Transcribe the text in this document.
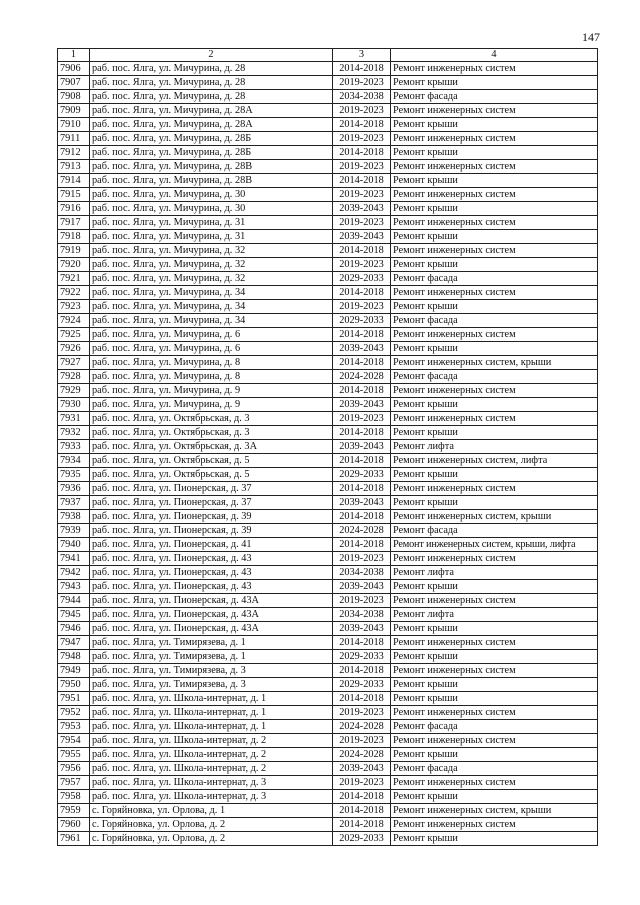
147
1	2	3	4
7906	раб. пос. Ялга, ул. Мичурина, д. 28	2014-2018	Ремонт инженерных систем
7907	раб. пос. Ялга, ул. Мичурина, д. 28	2019-2023	Ремонт крыши
7908	раб. пос. Ялга, ул. Мичурина, д. 28	2034-2038	Ремонт фасада
7909	раб. пос. Ялга, ул. Мичурина, д. 28А	2019-2023	Ремонт инженерных систем
7910	раб. пос. Ялга, ул. Мичурина, д. 28А	2014-2018	Ремонт крыши
7911	раб. пос. Ялга, ул. Мичурина, д. 28Б	2019-2023	Ремонт инженерных систем
7912	раб. пос. Ялга, ул. Мичурина, д. 28Б	2014-2018	Ремонт крыши
7913	раб. пос. Ялга, ул. Мичурина, д. 28В	2019-2023	Ремонт инженерных систем
7914	раб. пос. Ялга, ул. Мичурина, д. 28В	2014-2018	Ремонт крыши
7915	раб. пос. Ялга, ул. Мичурина, д. 30	2019-2023	Ремонт инженерных систем
7916	раб. пос. Ялга, ул. Мичурина, д. 30	2039-2043	Ремонт крыши
7917	раб. пос. Ялга, ул. Мичурина, д. 31	2019-2023	Ремонт инженерных систем
7918	раб. пос. Ялга, ул. Мичурина, д. 31	2039-2043	Ремонт крыши
7919	раб. пос. Ялга, ул. Мичурина, д. 32	2014-2018	Ремонт инженерных систем
7920	раб. пос. Ялга, ул. Мичурина, д. 32	2019-2023	Ремонт крыши
7921	раб. пос. Ялга, ул. Мичурина, д. 32	2029-2033	Ремонт фасада
7922	раб. пос. Ялга, ул. Мичурина, д. 34	2014-2018	Ремонт инженерных систем
7923	раб. пос. Ялга, ул. Мичурина, д. 34	2019-2023	Ремонт крыши
7924	раб. пос. Ялга, ул. Мичурина, д. 34	2029-2033	Ремонт фасада
7925	раб. пос. Ялга, ул. Мичурина, д. 6	2014-2018	Ремонт инженерных систем
7926	раб. пос. Ялга, ул. Мичурина, д. 6	2039-2043	Ремонт крыши
7927	раб. пос. Ялга, ул. Мичурина, д. 8	2014-2018	Ремонт инженерных систем, крыши
7928	раб. пос. Ялга, ул. Мичурина, д. 8	2024-2028	Ремонт фасада
7929	раб. пос. Ялга, ул. Мичурина, д. 9	2014-2018	Ремонт инженерных систем
7930	раб. пос. Ялга, ул. Мичурина, д. 9	2039-2043	Ремонт крыши
7931	раб. пос. Ялга, ул. Октябрьская, д. 3	2019-2023	Ремонт инженерных систем
7932	раб. пос. Ялга, ул. Октябрьская, д. 3	2014-2018	Ремонт крыши
7933	раб. пос. Ялга, ул. Октябрьская, д. 3А	2039-2043	Ремонт лифта
7934	раб. пос. Ялга, ул. Октябрьская, д. 5	2014-2018	Ремонт инженерных систем, лифта
7935	раб. пос. Ялга, ул. Октябрьская, д. 5	2029-2033	Ремонт крыши
7936	раб. пос. Ялга, ул. Пионерская, д. 37	2014-2018	Ремонт инженерных систем
7937	раб. пос. Ялга, ул. Пионерская, д. 37	2039-2043	Ремонт крыши
7938	раб. пос. Ялга, ул. Пионерская, д. 39	2014-2018	Ремонт инженерных систем, крыши
7939	раб. пос. Ялга, ул. Пионерская, д. 39	2024-2028	Ремонт фасада
7940	раб. пос. Ялга, ул. Пионерская, д. 41	2014-2018	Ремонт инженерных систем, крыши, лифта
7941	раб. пос. Ялга, ул. Пионерская, д. 43	2019-2023	Ремонт инженерных систем
7942	раб. пос. Ялга, ул. Пионерская, д. 43	2034-2038	Ремонт лифта
7943	раб. пос. Ялга, ул. Пионерская, д. 43	2039-2043	Ремонт крыши
7944	раб. пос. Ялга, ул. Пионерская, д. 43А	2019-2023	Ремонт инженерных систем
7945	раб. пос. Ялга, ул. Пионерская, д. 43А	2034-2038	Ремонт лифта
7946	раб. пос. Ялга, ул. Пионерская, д. 43А	2039-2043	Ремонт крыши
7947	раб. пос. Ялга, ул. Тимирязева, д. 1	2014-2018	Ремонт инженерных систем
7948	раб. пос. Ялга, ул. Тимирязева, д. 1	2029-2033	Ремонт крыши
7949	раб. пос. Ялга, ул. Тимирязева, д. 3	2014-2018	Ремонт инженерных систем
7950	раб. пос. Ялга, ул. Тимирязева, д. 3	2029-2033	Ремонт крыши
7951	раб. пос. Ялга, ул. Школа-интернат, д. 1	2014-2018	Ремонт крыши
7952	раб. пос. Ялга, ул. Школа-интернат, д. 1	2019-2023	Ремонт инженерных систем
7953	раб. пос. Ялга, ул. Школа-интернат, д. 1	2024-2028	Ремонт фасада
7954	раб. пос. Ялга, ул. Школа-интернат, д. 2	2019-2023	Ремонт инженерных систем
7955	раб. пос. Ялга, ул. Школа-интернат, д. 2	2024-2028	Ремонт крыши
7956	раб. пос. Ялга, ул. Школа-интернат, д. 2	2039-2043	Ремонт фасада
7957	раб. пос. Ялга, ул. Школа-интернат, д. 3	2019-2023	Ремонт инженерных систем
7958	раб. пос. Ялга, ул. Школа-интернат, д. 3	2014-2018	Ремонт крыши
7959	с. Горяйновка, ул. Орлова, д. 1	2014-2018	Ремонт инженерных систем, крыши
7960	с. Горяйновка, ул. Орлова, д. 2	2014-2018	Ремонт инженерных систем
7961	с. Горяйновка, ул. Орлова, д. 2	2029-2033	Ремонт крыши
